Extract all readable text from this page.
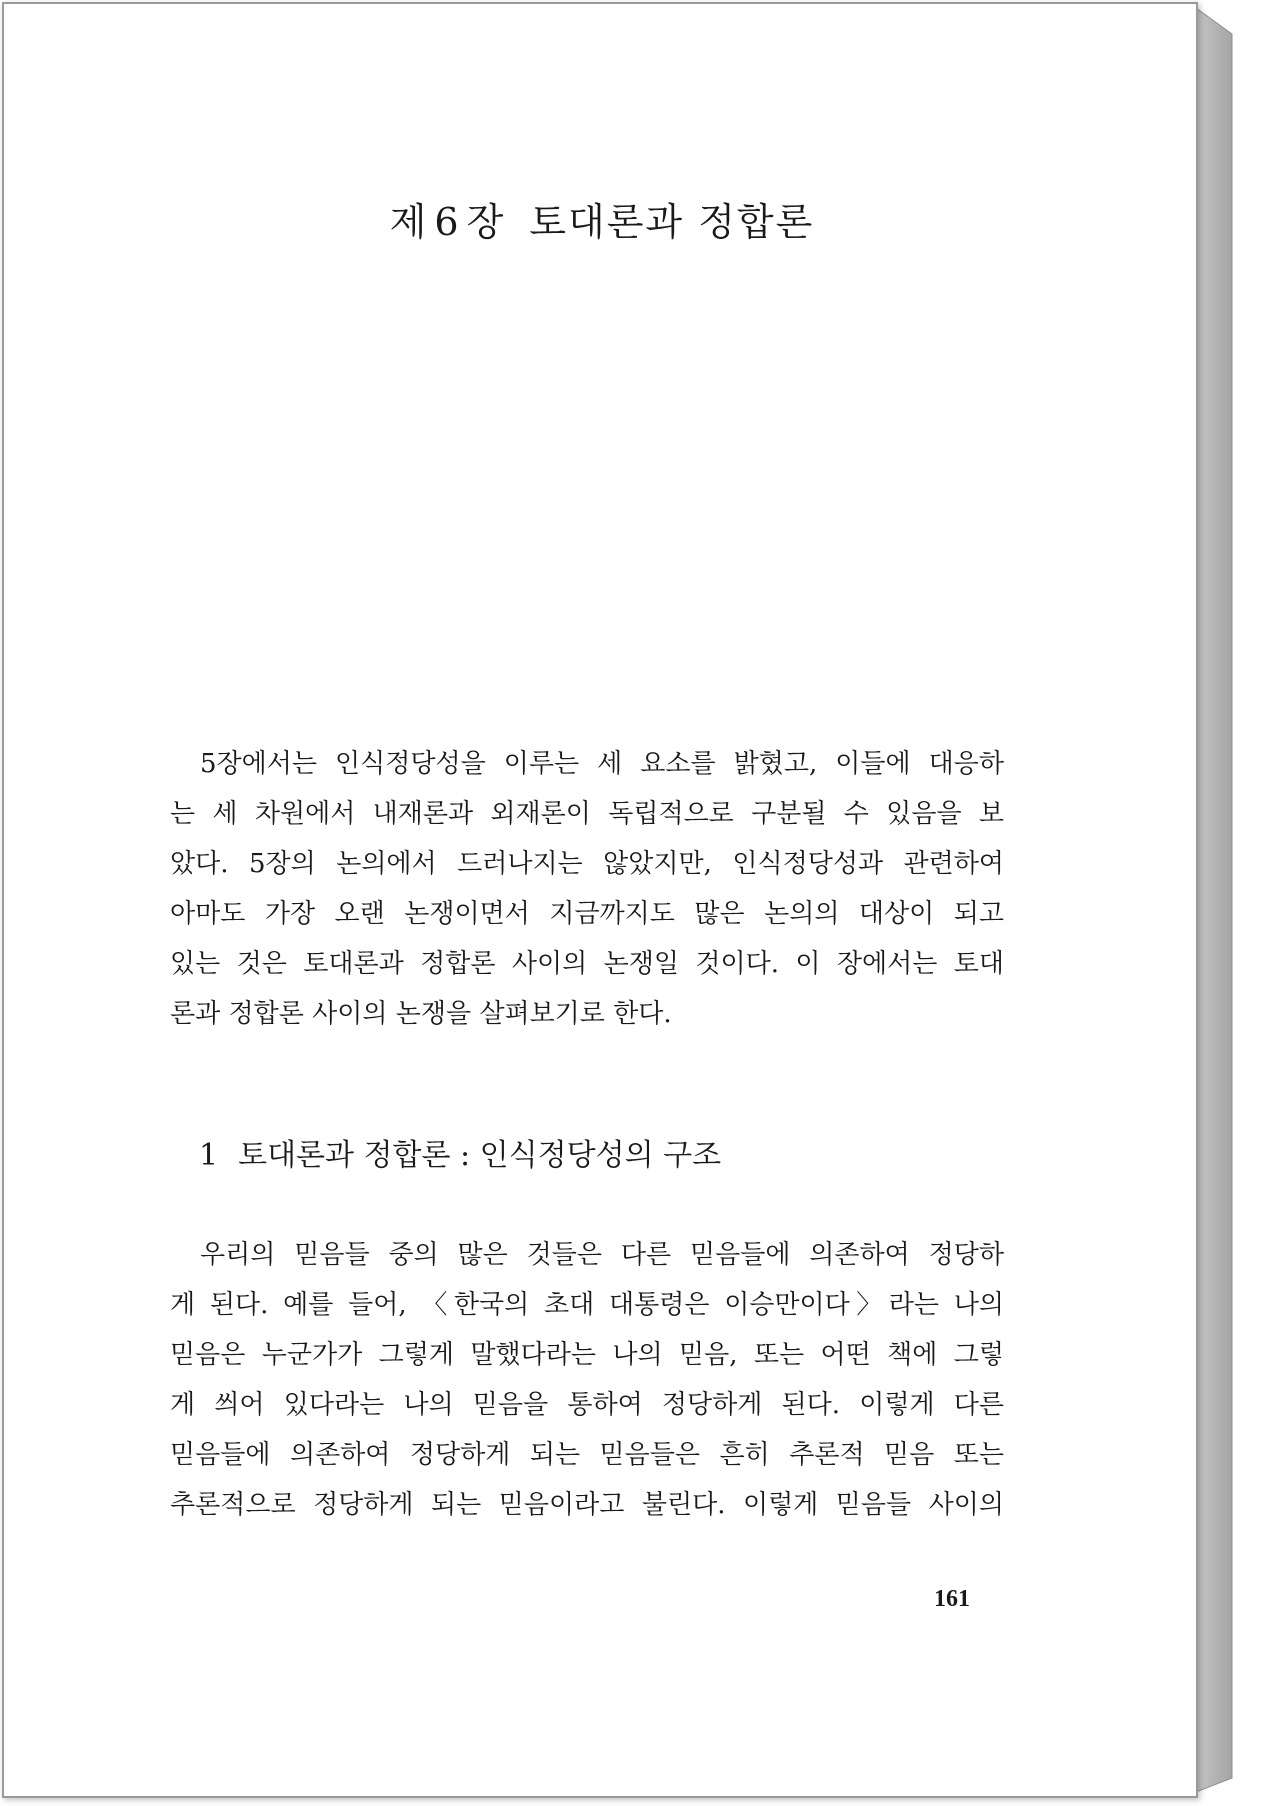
제 6 장 토대론과 정합론
5장에서는 인식정당성을 이루는 세 요소를 밝혔고, 이들에 대응하
는 세 차원에서 내재론과 외재론이 독립적으로 구분될 수 있음을 보
았다. 5장의 논의에서 드러나지는 않았지만, 인식정당성과 관련하여
아마도 가장 오랜 논쟁이면서 지금까지도 많은 논의의 대상이 되고
있는 것은 토대론과 정합론 사이의 논쟁일 것이다. 이 장에서는 토대
론과 정합론 사이의 논쟁을 살펴보기로 한다.
1 토대론과 정합론 : 인식정당성의 구조
우리의 믿음들 중의 많은 것들은 다른 믿음들에 의존하여 정당하
게 된다. 예를 들어, 〈한국의 초대 대통령은 이승만이다〉라는 나의
믿음은 누군가가 그렇게 말했다라는 나의 믿음, 또는 어떤 책에 그렇
게 씌어 있다라는 나의 믿음을 통하여 정당하게 된다. 이렇게 다른
믿음들에 의존하여 정당하게 되는 믿음들은 흔히 추론적 믿음 또는
추론적으로 정당하게 되는 믿음이라고 불린다. 이렇게 믿음들 사이의
161
